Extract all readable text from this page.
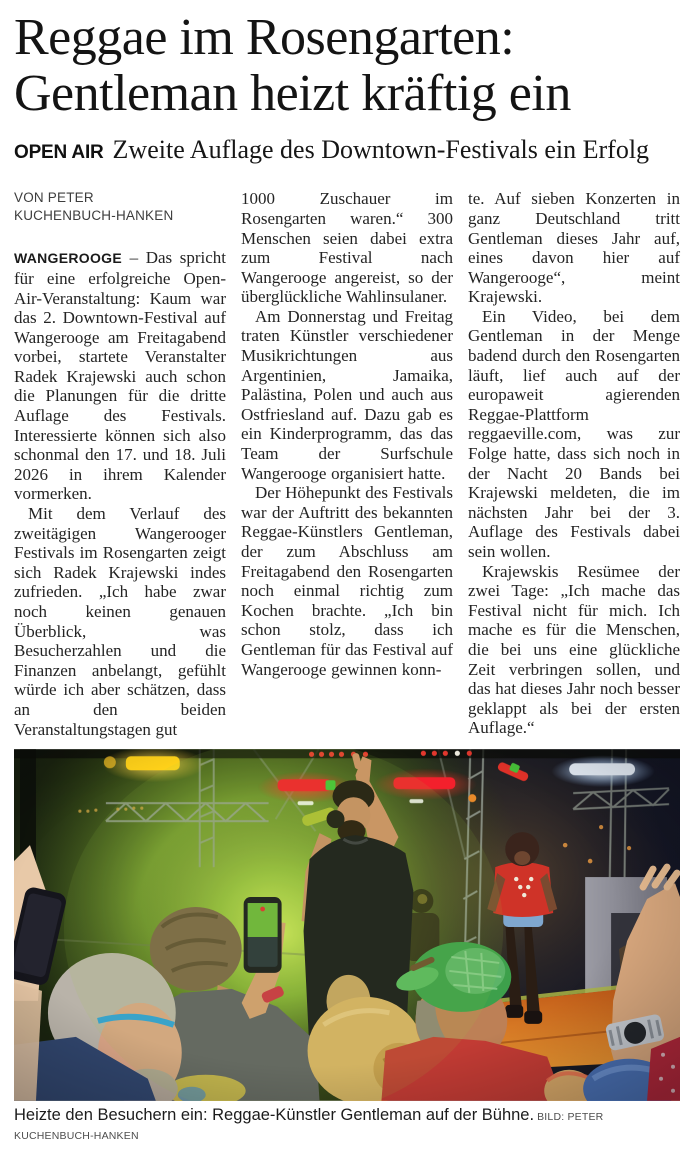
Reggae im Rosengarten:
Gentleman heizt kräftig ein
OPEN AIR Zweite Auflage des Downtown-Festivals ein Erfolg
VON PETER
KUCHENBUCH-HANKEN

WANGEROOGE – Das spricht für eine erfolgreiche Open-Air-Veranstaltung: Kaum war das 2. Downtown-Festival auf Wangerooge am Freitagabend vorbei, startete Veranstalter Radek Krajewski auch schon die Planungen für die dritte Auflage des Festivals. Interessierte können sich also schonmal den 17. und 18. Juli 2026 in ihrem Kalender vormerken.

Mit dem Verlauf des zweitägigen Wangerooger Festivals im Rosengarten zeigt sich Radek Krajewski indes zufrieden. „Ich habe zwar noch keinen genauen Überblick, was Besucherzahlen und die Finanzen anbelangt, gefühlt würde ich aber schätzen, dass an den beiden Veranstaltungstagen gut

1000 Zuschauer im Rosengarten waren.“ 300 Menschen seien dabei extra zum Festival nach Wangerooge angereist, so der überglückliche Wahlinsulaner.

Am Donnerstag und Freitag traten Künstler verschiedener Musikrichtungen aus Argentinien, Jamaika, Palästina, Polen und auch aus Ostfriesland auf. Dazu gab es ein Kinderprogramm, das das Team der Surfschule Wangerooge organisiert hatte.

Der Höhepunkt des Festivals war der Auftritt des bekannten Reggae-Künstlers Gentleman, der zum Abschluss am Freitagabend den Rosengarten noch einmal richtig zum Kochen brachte. „Ich bin schon stolz, dass ich Gentleman für das Festival auf Wangerooge gewinnen konn-

te. Auf sieben Konzerten in ganz Deutschland tritt Gentleman dieses Jahr auf, eines davon hier auf Wangerooge“, meint Krajewski.

Ein Video, bei dem Gentleman in der Menge badend durch den Rosengarten läuft, lief auch auf der europaweit agierenden Reggae-Plattform reggaeville.com, was zur Folge hatte, dass sich noch in der Nacht 20 Bands bei Krajewski meldeten, die im nächsten Jahr bei der 3. Auflage des Festivals dabei sein wollen.

Krajewskis Resümee der zwei Tage: „Ich mache das Festival nicht für mich. Ich mache es für die Menschen, die bei uns eine glückliche Zeit verbringen sollen, und das hat dieses Jahr noch besser geklappt als bei der ersten Auflage.“

Heizte den Besuchern ein: Reggae-Künstler Gentleman auf der Bühne. BILD: PETER KUCHENBUCH-HANKEN
